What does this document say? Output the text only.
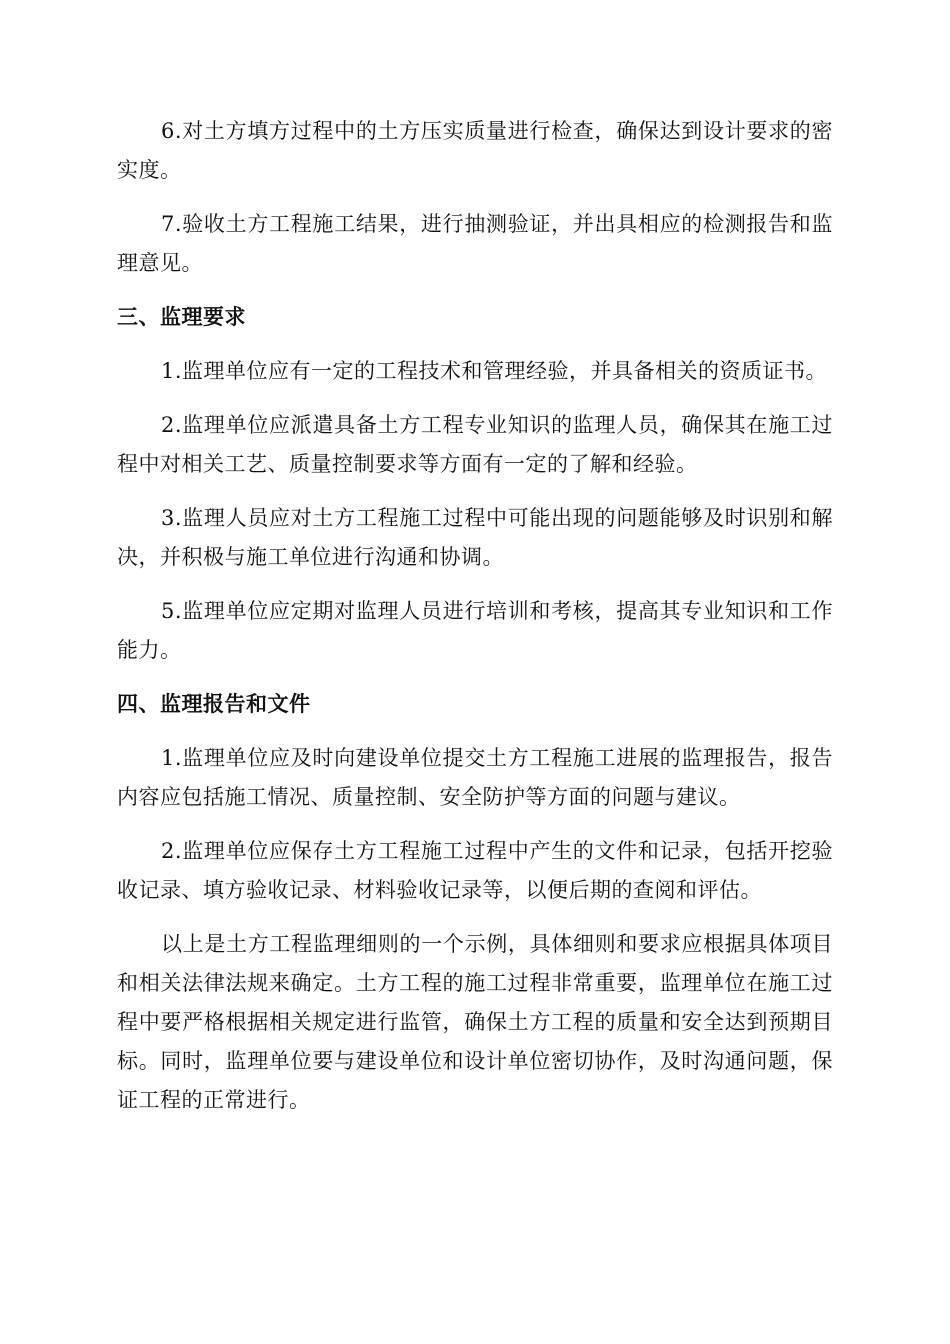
6.对土方填方过程中的土方压实质量进行检查，确保达到设计要求的密实度。

7.验收土方工程施工结果，进行抽测验证，并出具相应的检测报告和监理意见。

三、监理要求

1.监理单位应有一定的工程技术和管理经验，并具备相关的资质证书。

2.监理单位应派遣具备土方工程专业知识的监理人员，确保其在施工过程中对相关工艺、质量控制要求等方面有一定的了解和经验。

3.监理人员应对土方工程施工过程中可能出现的问题能够及时识别和解决，并积极与施工单位进行沟通和协调。

5.监理单位应定期对监理人员进行培训和考核，提高其专业知识和工作能力。

四、监理报告和文件

1.监理单位应及时向建设单位提交土方工程施工进展的监理报告，报告内容应包括施工情况、质量控制、安全防护等方面的问题与建议。

2.监理单位应保存土方工程施工过程中产生的文件和记录，包括开挖验收记录、填方验收记录、材料验收记录等，以便后期的查阅和评估。

以上是土方工程监理细则的一个示例，具体细则和要求应根据具体项目和相关法律法规来确定。土方工程的施工过程非常重要，监理单位在施工过程中要严格根据相关规定进行监管，确保土方工程的质量和安全达到预期目标。同时，监理单位要与建设单位和设计单位密切协作，及时沟通问题，保证工程的正常进行。
